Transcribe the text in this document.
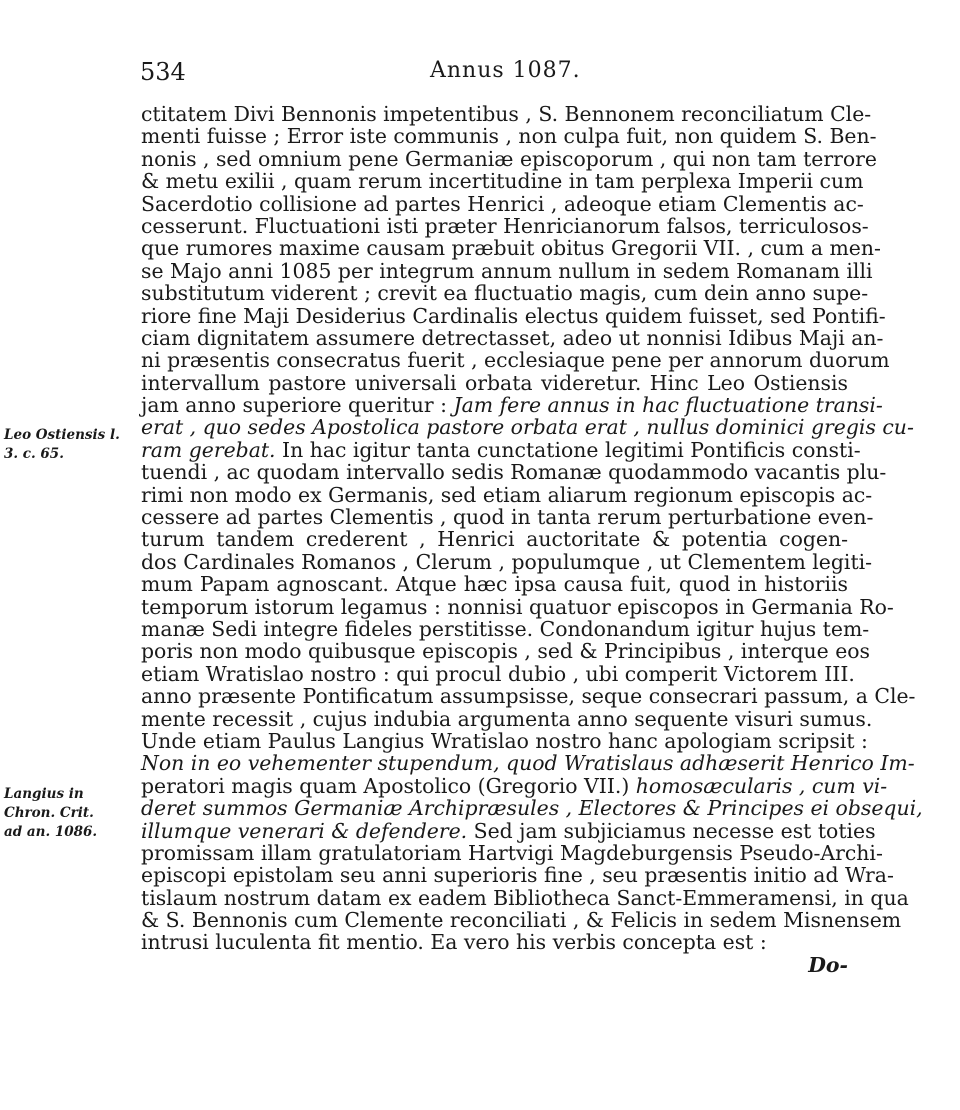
534	Annus 1087.
Leo Ostiensis l.
3. c. 65.
Langius in
Chron. Crit.
ad an. 1086.
ctitatem Divi Bennonis impetentibus , S. Bennonem reconciliatum Cle-
menti fuisse ; Error iste communis , non culpa fuit, non quidem S. Ben-
nonis , sed omnium pene Germaniæ episcoporum , qui non tam terrore
& metu exilii , quam rerum incertitudine in tam perplexa Imperii cum
Sacerdotio collisione ad partes Henrici , adeoque etiam Clementis ac-
cesserunt. Fluctuationi isti præter Henricianorum falsos, terriculosos-
que rumores maxime causam præbuit obitus Gregorii VII. , cum a men-
se Majo anni 1085 per integrum annum nullum in sedem Romanam illi
substitutum viderent ; crevit ea fluctuatio magis, cum dein anno supe-
riore fine Maji Desiderius Cardinalis electus quidem fuisset, sed Pontifi-
ciam dignitatem assumere detrectasset, adeo ut nonnisi Idibus Maji an-
ni præsentis consecratus fuerit , ecclesiaque pene per annorum duorum
intervallum pastore universali orbata videretur. Hinc Leo Ostiensis
jam anno superiore queritur : Jam fere annus in hac fluctuatione transi-
erat , quo sedes Apostolica pastore orbata erat , nullus dominici gregis cu-
ram gerebat. In hac igitur tanta cunctatione legitimi Pontificis consti-
tuendi , ac quodam intervallo sedis Romanæ quodammodo vacantis plu-
rimi non modo ex Germanis, sed etiam aliarum regionum episcopis ac-
cessere ad partes Clementis , quod in tanta rerum perturbatione even-
turum tandem crederent , Henrici auctoritate & potentia cogen-
dos Cardinales Romanos , Clerum , populumque , ut Clementem legiti-
mum Papam agnoscant. Atque hæc ipsa causa fuit, quod in historiis
temporum istorum legamus : nonnisi quatuor episcopos in Germania Ro-
manæ Sedi integre fideles perstitisse. Condonandum igitur hujus tem-
poris non modo quibusque episcopis , sed & Principibus , interque eos
etiam Wratislao nostro : qui procul dubio , ubi comperit Victorem III.
anno præsente Pontificatum assumpsisse, seque consecrari passum, a Cle-
mente recessit , cujus indubia argumenta anno sequente visuri sumus.
Unde etiam Paulus Langius Wratislao nostro hanc apologiam scripsit :
Non in eo vehementer stupendum, quod Wratislaus adhæserit Henrico Im-
peratori magis quam Apostolico (Gregorio VII.) homosæcularis , cum vi-
deret summos Germaniæ Archipræsules , Electores & Principes ei obsequi,
illumque venerari & defendere. Sed jam subjiciamus necesse est toties
promissam illam gratulatoriam Hartvigi Magdeburgensis Pseudo-Archi-
episcopi epistolam seu anni superioris fine , seu præsentis initio ad Wra-
tislaum nostrum datam ex eadem Bibliotheca Sanct-Emmeramensi, in qua
& S. Bennonis cum Clemente reconciliati , & Felicis in sedem Misnensem
intrusi luculenta fit mentio. Ea vero his verbis concepta est :
Do-
